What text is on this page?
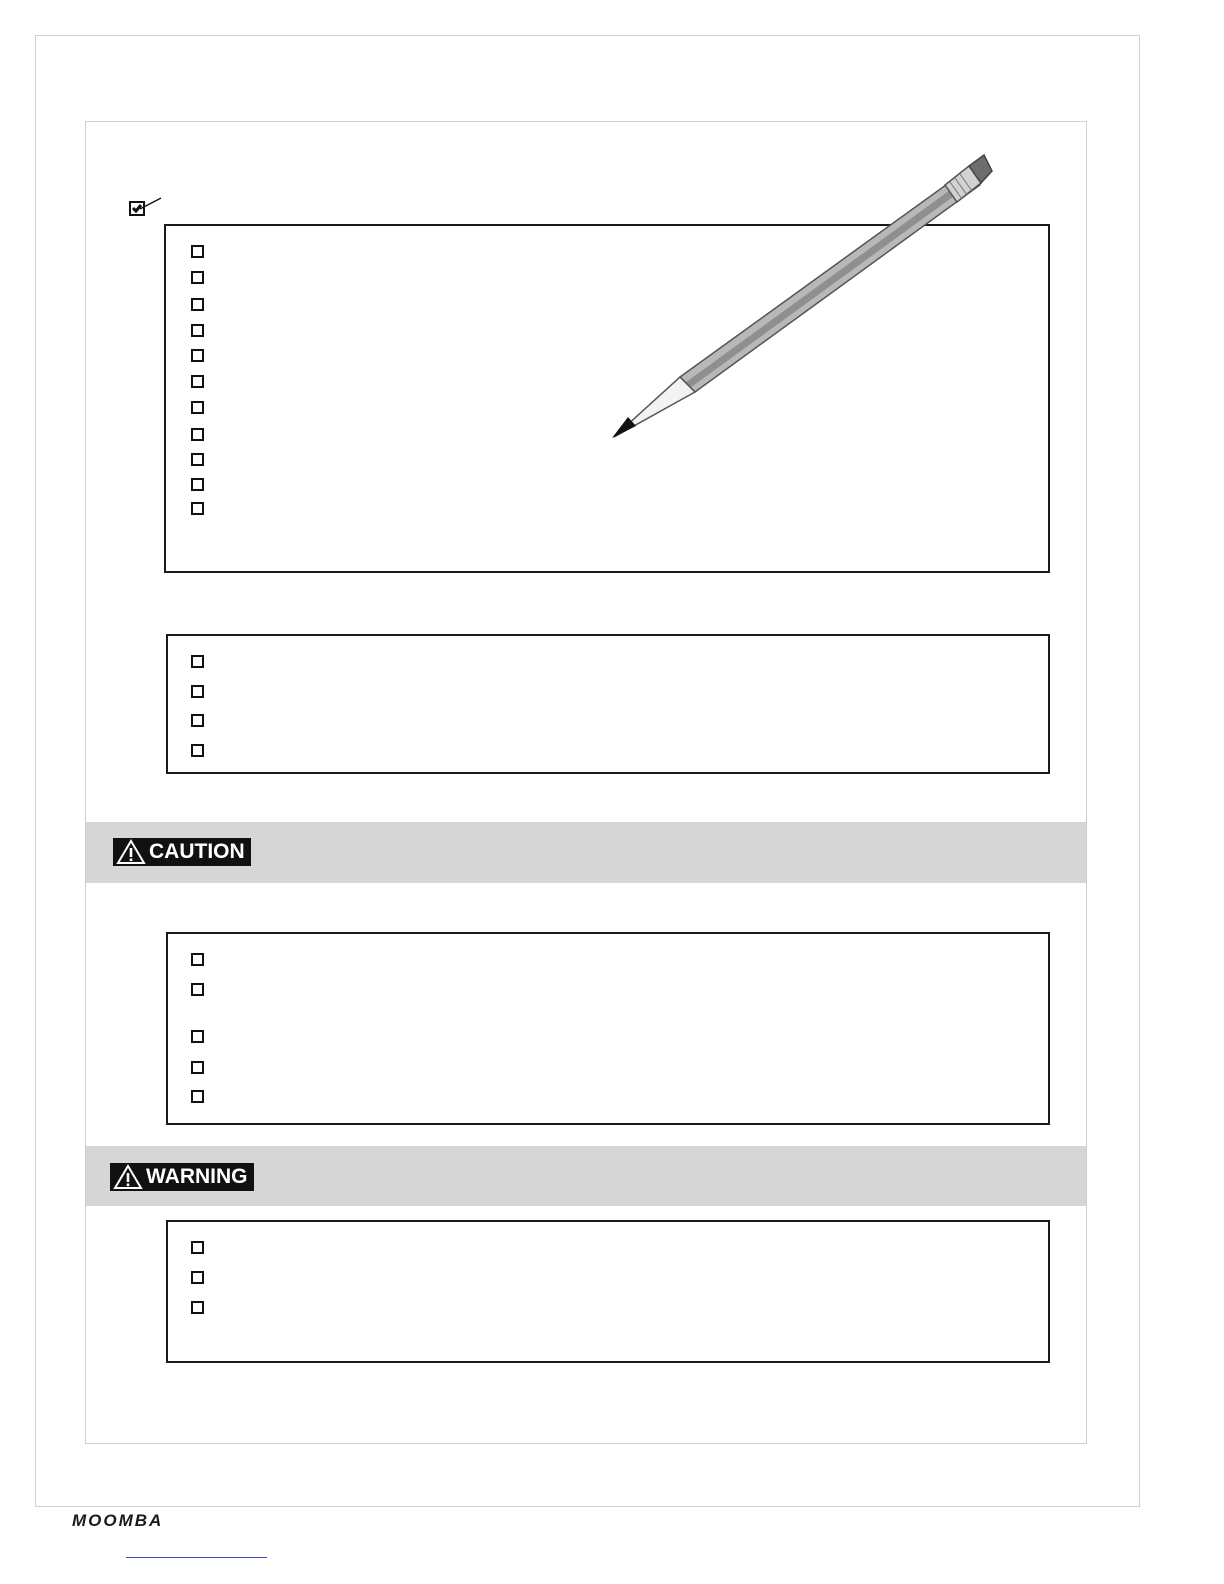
CAUTION
WARNING
MOOMBA
